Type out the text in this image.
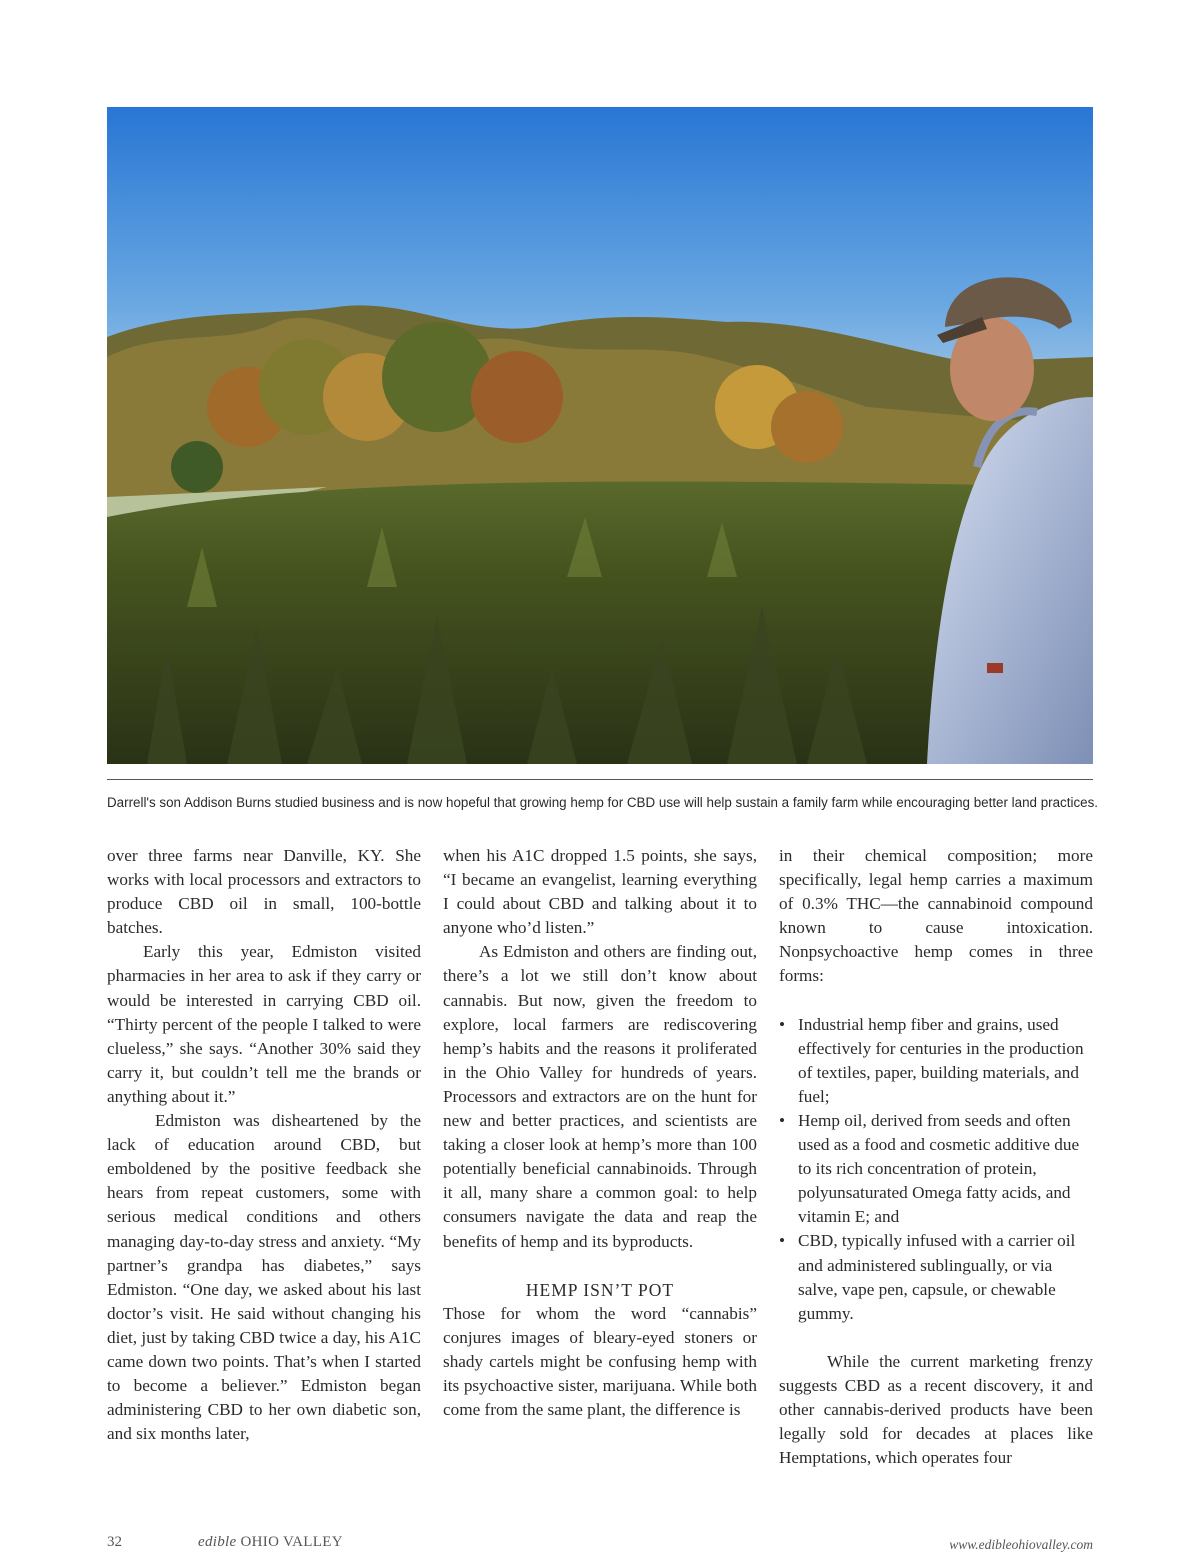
Darrell's son Addison Burns studied business and is now hopeful that growing hemp for CBD use will help sustain a family farm while encouraging better land practices.

over three farms near Danville, KY. She works with local processors and extractors to produce CBD oil in small, 100-bottle batches.

Early this year, Edmiston visited pharmacies in her area to ask if they carry or would be interested in carrying CBD oil. “Thirty percent of the people I talked to were clueless,” she says. “Another 30% said they carry it, but couldn’t tell me the brands or anything about it.”

Edmiston was disheartened by the lack of education around CBD, but emboldened by the positive feedback she hears from repeat customers, some with serious medical conditions and others managing day-to-day stress and anxiety. “My partner’s grandpa has diabetes,” says Edmiston. “One day, we asked about his last doctor’s visit. He said without changing his diet, just by taking CBD twice a day, his A1C came down two points. That’s when I started to become a believer.” Edmiston began administering CBD to her own diabetic son, and six months later,

when his A1C dropped 1.5 points, she says, “I became an evangelist, learning everything I could about CBD and talking about it to anyone who’d listen.”

As Edmiston and others are finding out, there’s a lot we still don’t know about cannabis. But now, given the freedom to explore, local farmers are rediscovering hemp’s habits and the reasons it proliferated in the Ohio Valley for hundreds of years. Processors and extractors are on the hunt for new and better practices, and scientists are taking a closer look at hemp’s more than 100 potentially beneficial cannabinoids. Through it all, many share a common goal: to help consumers navigate the data and reap the benefits of hemp and its byproducts.

HEMP ISN’T POT

Those for whom the word “cannabis” conjures images of bleary-eyed stoners or shady cartels might be confusing hemp with its psychoactive sister, marijuana. While both come from the same plant, the difference is

in their chemical composition; more specifically, legal hemp carries a maximum of 0.3% THC—the cannabinoid compound known to cause intoxication. Nonpsychoactive hemp comes in three forms:

• Industrial hemp fiber and grains, used effectively for centuries in the production of textiles, paper, building materials, and fuel;
• Hemp oil, derived from seeds and often used as a food and cosmetic additive due to its rich concentration of protein, polyunsaturated Omega fatty acids, and vitamin E; and
• CBD, typically infused with a carrier oil and administered sublingually, or via salve, vape pen, capsule, or chewable gummy.

While the current marketing frenzy suggests CBD as a recent discovery, it and other cannabis-derived products have been legally sold for decades at places like Hemptations, which operates four

32	edible OHIO VALLEY	www.edibleohiovalley.com
